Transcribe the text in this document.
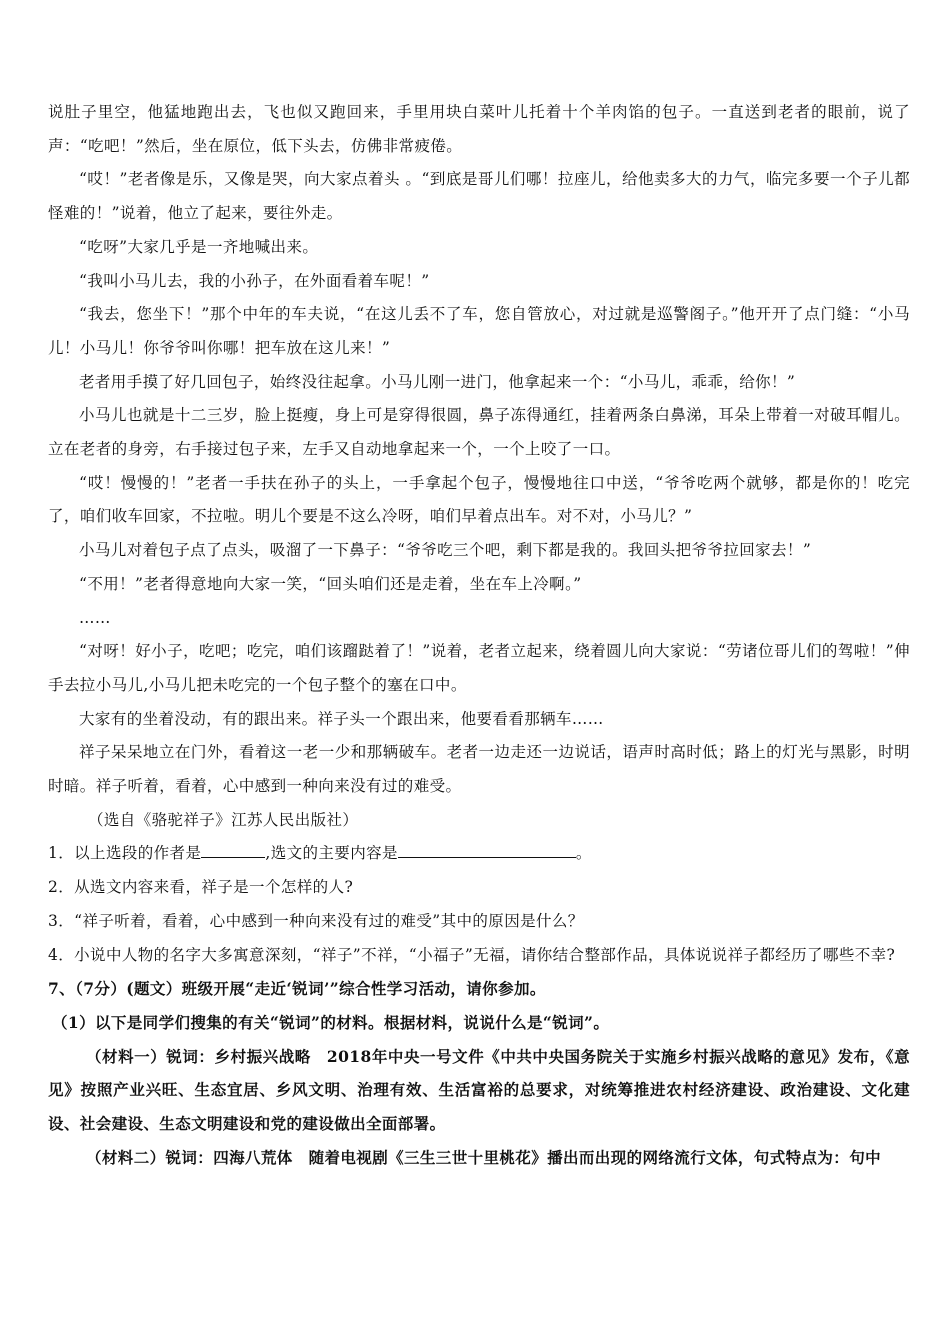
说肚子里空，他猛地跑出去，飞也似又跑回来，手里用块白菜叶儿托着十个羊肉馅的包子。一直送到老者的眼前，说了声：“吃吧！”然后，坐在原位，低下头去，仿佛非常疲倦。

“哎！”老者像是乐，又像是哭，向大家点着头 。“到底是哥儿们哪！拉座儿，给他卖多大的力气，临完多要一个子儿都怪难的！”说着，他立了起来，要往外走。

“吃呀”大家几乎是一齐地喊出来。

“我叫小马儿去，我的小孙子，在外面看着车呢！”

“我去，您坐下！”那个中年的车夫说，“在这儿丢不了车，您自管放心，对过就是巡警阁子。”他开开了点门缝：“小马儿！小马儿！你爷爷叫你哪！把车放在这儿来！”

老者用手摸了好几回包子，始终没往起拿。小马儿刚一进门，他拿起来一个：“小马儿，乖乖，给你！”

小马儿也就是十二三岁，脸上挺瘦，身上可是穿得很圆，鼻子冻得通红，挂着两条白鼻涕，耳朵上带着一对破耳帽儿。立在老者的身旁，右手接过包子来，左手又自动地拿起来一个，一个上咬了一口。

“哎！慢慢的！”老者一手扶在孙子的头上，一手拿起个包子，慢慢地往口中送，“爷爷吃两个就够，都是你的！吃完了，咱们收车回家，不拉啦。明儿个要是不这么冷呀，咱们早着点出车。对不对，小马儿？”

小马儿对着包子点了点头，吸溜了一下鼻子：“爷爷吃三个吧，剩下都是我的。我回头把爷爷拉回家去！”

“不用！”老者得意地向大家一笑，“回头咱们还是走着，坐在车上冷啊。”

……

“对呀！好小子，吃吧；吃完，咱们该蹓跶着了！”说着，老者立起来，绕着圆儿向大家说：“劳诸位哥儿们的驾啦！”伸手去拉小马儿,小马儿把未吃完的一个包子整个的塞在口中。

大家有的坐着没动，有的跟出来。祥子头一个跟出来，他要看看那辆车……

祥子呆呆地立在门外，看着这一老一少和那辆破车。老者一边走还一边说话，语声时高时低；路上的灯光与黑影，时明时暗。祥子听着，看着，心中感到一种向来没有过的难受。

（选自《骆驼祥子》江苏人民出版社）

1．以上选段的作者是	,选文的主要内容是	。

2．从选文内容来看，祥子是一个怎样的人?

3．“祥子听着，看着，心中感到一种向来没有过的难受”其中的原因是什么？

4．小说中人物的名字大多寓意深刻，“祥子”不祥，“小福子”无福，请你结合整部作品，具体说说祥子都经历了哪些不幸?

7、（7分）(题文）班级开展“走近‘锐词’”综合性学习活动，请你参加。

（1）以下是同学们搜集的有关“锐词”的材料。根据材料，说说什么是“锐词”。

（材料一）锐词：乡村振兴战略　2018年中央一号文件《中共中央国务院关于实施乡村振兴战略的意见》发布，《意见》按照产业兴旺、生态宜居、乡风文明、治理有效、生活富裕的总要求，对统筹推进农村经济建设、政治建设、文化建设、社会建设、生态文明建设和党的建设做出全面部署。

（材料二）锐词：四海八荒体　随着电视剧《三生三世十里桃花》播出而出现的网络流行文体，句式特点为：句中
